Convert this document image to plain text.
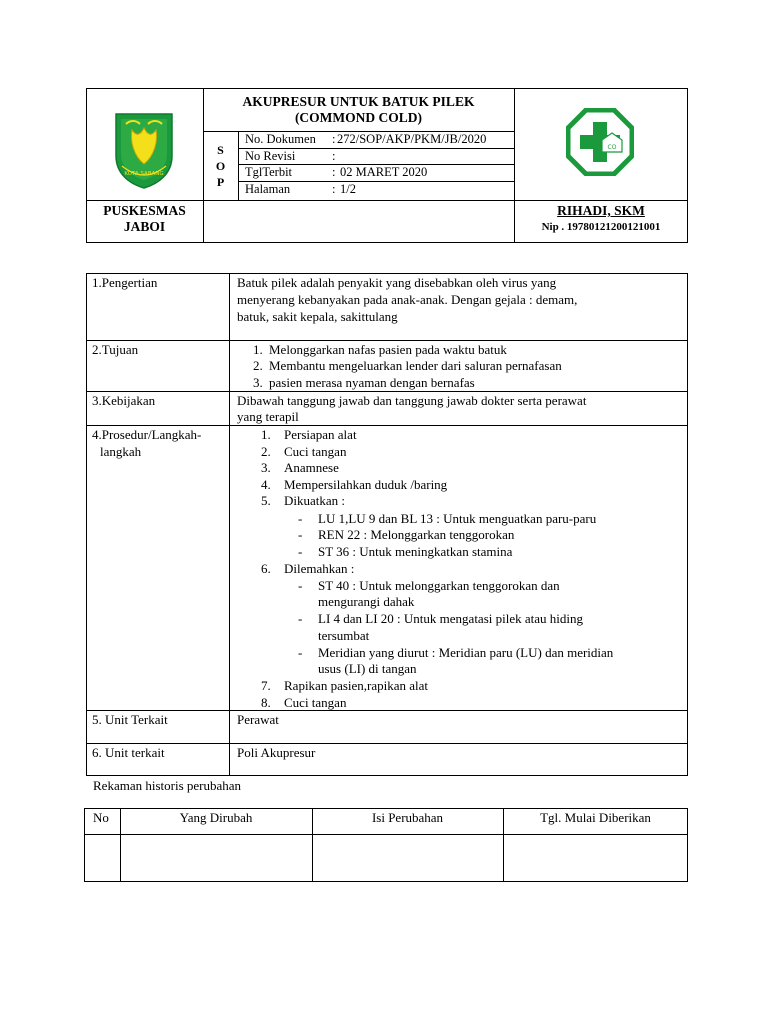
KOTA SABANG
AKUPRESUR UNTUK BATUK PILEK
(COMMOND COLD)
S
O
P
No. Dokumen : 272/SOP/AKP/PKM/JB/2020
No Revisi	:
TglTerbit	: 02 MARET 2020
Halaman	: 1/2
CO
PUSKESMAS
JABOI
RIHADI, SKM
Nip . 19780121200121001
1.Pengertian	Batuk pilek adalah penyakit yang disebabkan oleh virus yang
menyerang kebanyakan pada anak-anak. Dengan gejala : demam,
batuk, sakit kepala, sakittulang
2.Tujuan	1. Melonggarkan nafas pasien pada waktu batuk
2. Membantu mengeluarkan lender dari saluran pernafasan
3. pasien merasa nyaman dengan bernafas
3.Kebijakan	Dibawah tanggung jawab dan tanggung jawab dokter serta perawat
yang terapil
4.Prosedur/Langkah-
langkah
1. Persiapan alat
2. Cuci tangan
3. Anamnese
4. Mempersilahkan duduk /baring
5. Dikuatkan :
- LU 1,LU 9 dan BL 13 : Untuk menguatkan paru-paru
- REN 22 : Melonggarkan tenggorokan
- ST 36 : Untuk meningkatkan stamina
6. Dilemahkan :
- ST 40 : Untuk melonggarkan tenggorokan dan
mengurangi dahak
- LI 4 dan LI 20 : Untuk mengatasi pilek atau hiding
tersumbat
- Meridian yang diurut : Meridian paru (LU) dan meridian
usus (LI) di tangan
7. Rapikan pasien,rapikan alat
8. Cuci tangan
5. Unit Terkait	Perawat
6. Unit terkait	Poli Akupresur
Rekaman historis perubahan
No	Yang Dirubah	Isi Perubahan	Tgl. Mulai Diberikan
